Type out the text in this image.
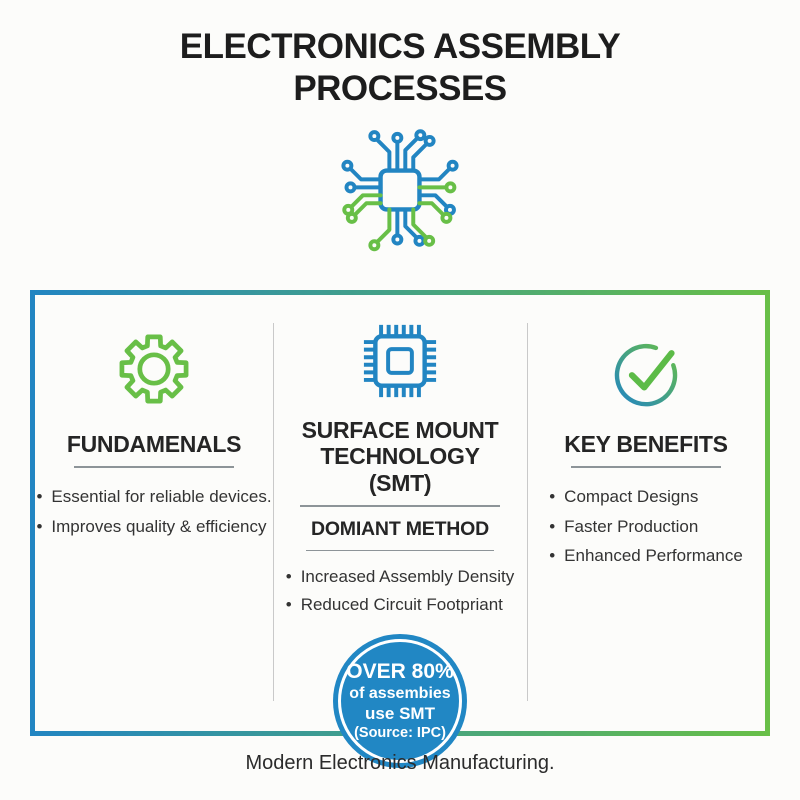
ELECTRONICS ASSEMBLY
PROCESSES
FUNDAMENALS
• Essential for reliable devices.
• Improves quality & efficiency
SURFACE MOUNT TECHNOLOGY (SMT)
DOMIANT METHOD
• Increased Assembly Density
• Reduced Circuit Footpriant
OVER 80%
of assembies
use SMT
(Source: IPC)
KEY BENEFITS
• Compact Designs
• Faster Production
• Enhanced Performance
Modern Electronics Manufacturing.
